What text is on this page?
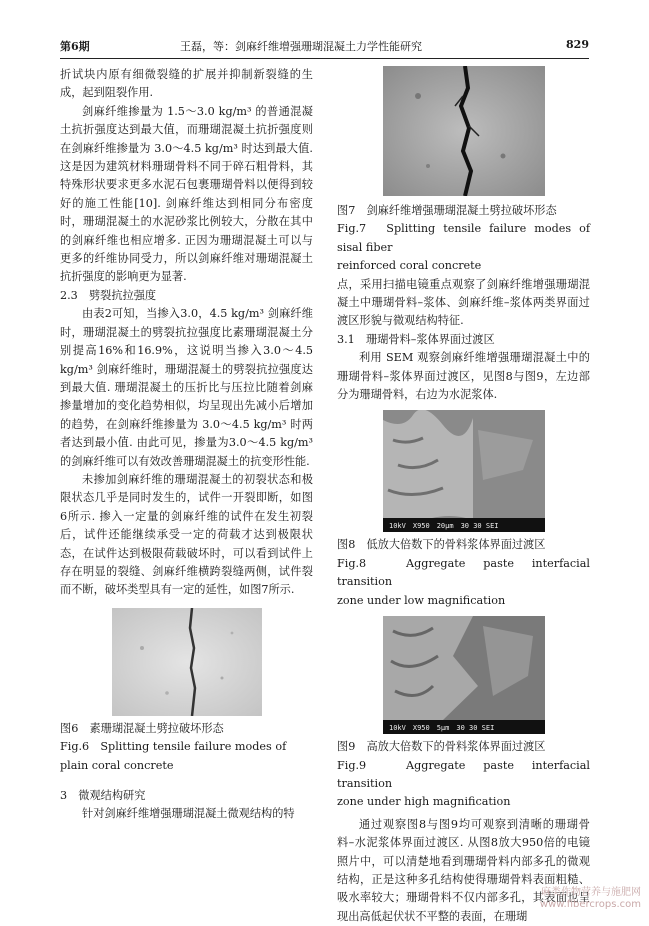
第6期	王磊，等：剑麻纤维增强珊瑚混凝土力学性能研究	829

折试块内原有细微裂缝的扩展并抑制新裂缝的生成，起到阻裂作用.

剑麻纤维掺量为 1.5～3.0 kg/m³ 的普通混凝土抗折强度达到最大值，而珊瑚混凝土抗折强度则在剑麻纤维掺量为 3.0～4.5 kg/m³ 时达到最大值. 这是因为建筑材料珊瑚骨料不同于碎石粗骨料，其特殊形状要求更多水泥石包裹珊瑚骨料以便得到较好的施工性能[10]. 剑麻纤维达到相同分布密度时，珊瑚混凝土的水泥砂浆比例较大，分散在其中的剑麻纤维也相应增多. 正因为珊瑚混凝土可以与更多的纤维协同受力，所以剑麻纤维对珊瑚混凝土抗折强度的影响更为显著.

2.3　劈裂抗拉强度

由表2可知，当掺入3.0，4.5 kg/m³ 剑麻纤维时，珊瑚混凝土的劈裂抗拉强度比素珊瑚混凝土分别提高16%和16.9%，这说明当掺入3.0～4.5 kg/m³ 剑麻纤维时，珊瑚混凝土的劈裂抗拉强度达到最大值. 珊瑚混凝土的压折比与压拉比随着剑麻掺量增加的变化趋势相似，均呈现出先减小后增加的趋势，在剑麻纤维掺量为 3.0～4.5 kg/m³ 时两者达到最小值. 由此可见，掺量为3.0～4.5 kg/m³ 的剑麻纤维可以有效改善珊瑚混凝土的抗变形性能.

未掺加剑麻纤维的珊瑚混凝土的初裂状态和极限状态几乎是同时发生的，试件一开裂即断，如图6所示. 掺入一定量的剑麻纤维的试件在发生初裂后，试件还能继续承受一定的荷载才达到极限状态，在试件达到极限荷载破坏时，可以看到试件上存在明显的裂缝、剑麻纤维横跨裂缝两侧，试件裂而不断，破坏类型具有一定的延性，如图7所示.

图6　素珊瑚混凝土劈拉破坏形态

Fig.6　Splitting tensile failure modes of

plain coral concrete

3　微观结构研究

针对剑麻纤维增强珊瑚混凝土微观结构的特

图7　剑麻纤维增强珊瑚混凝土劈拉破坏形态

Fig.7　Splitting tensile failure modes of sisal fiber

reinforced coral concrete

点，采用扫描电镜重点观察了剑麻纤维增强珊瑚混凝土中珊瑚骨料–浆体、剑麻纤维–浆体两类界面过渡区形貌与微观结构特征.

3.1　珊瑚骨料–浆体界面过渡区

利用 SEM 观察剑麻纤维增强珊瑚混凝土中的珊瑚骨料–浆体界面过渡区，见图8与图9，左边部分为珊瑚骨料，右边为水泥浆体.

10kV　X950　20μm　30 30 SEI

图8　低放大倍数下的骨料浆体界面过渡区

Fig.8　Aggregate paste interfacial transition

zone under low magnification

10kV　X950　5μm　30 30 SEI

图9　高放大倍数下的骨料浆体界面过渡区

Fig.9　Aggregate paste interfacial transition

zone under high magnification

通过观察图8与图9均可观察到清晰的珊瑚骨料–水泥浆体界面过渡区. 从图8放大950倍的电镜照片中，可以清楚地看到珊瑚骨料内部多孔的微观结构，正是这种多孔结构使得珊瑚骨料表面粗糙、吸水率较大；珊瑚骨料不仅内部多孔，其表面也呈现出高低起伏状不平整的表面，在珊瑚

麻类作物营养与施肥网
www.fibercrops.com
